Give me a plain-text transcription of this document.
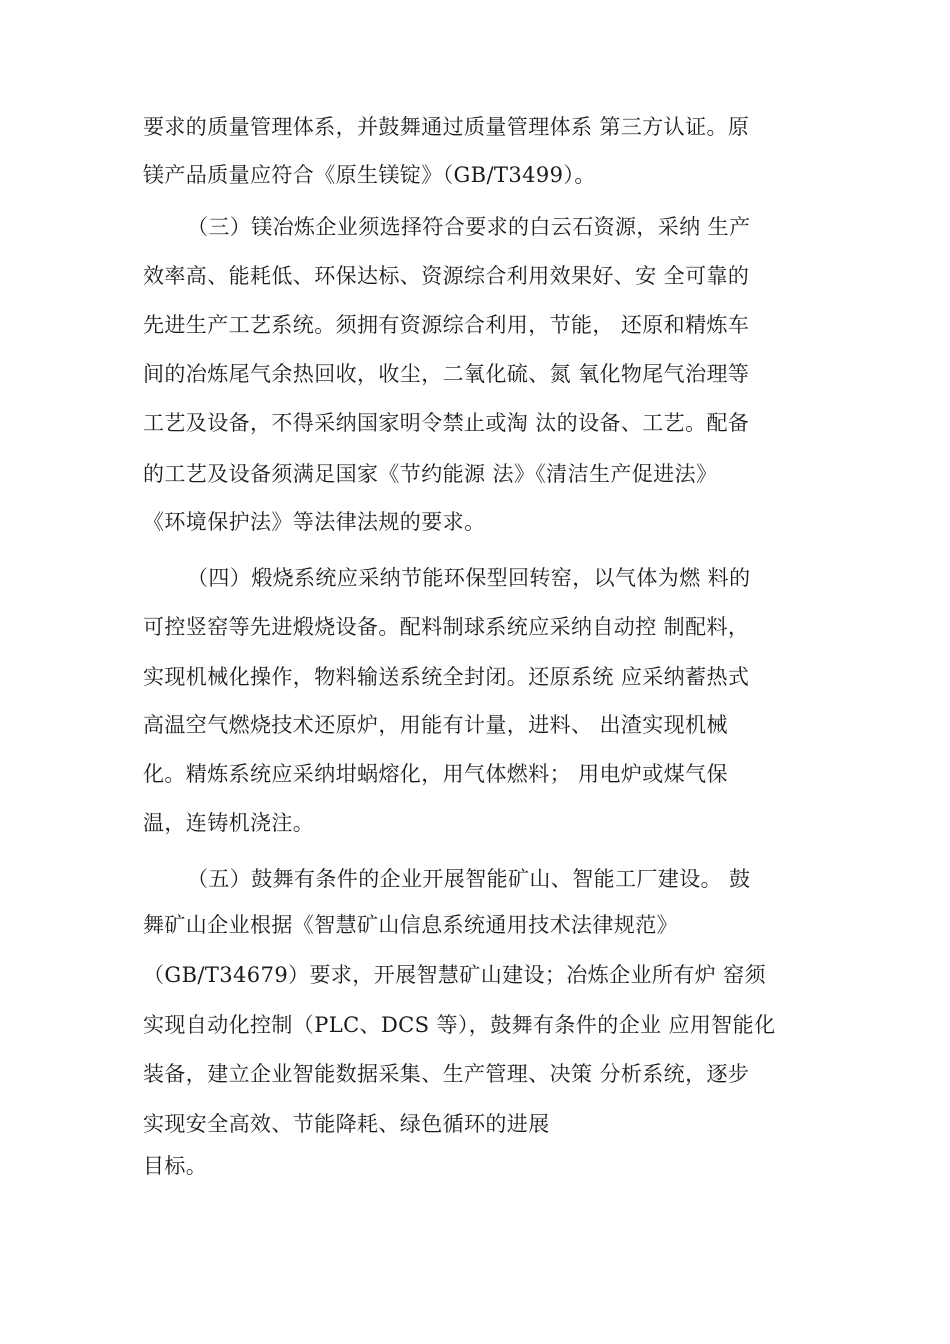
要求的质量管理体系，并鼓舞通过质量管理体系 第三方认证。原
镁产品质量应符合《原生镁锭》（GB/T3499）。
（三）镁冶炼企业须选择符合要求的白云石资源，采纳 生产
效率高、能耗低、环保达标、资源综合利用效果好、安 全可靠的
先进生产工艺系统。须拥有资源综合利用，节能， 还原和精炼车
间的冶炼尾气余热回收，收尘，二氧化硫、氮 氧化物尾气治理等
工艺及设备，不得采纳国家明令禁止或淘 汰的设备、工艺。配备
的工艺及设备须满足国家《节约能源 法》《清洁生产促进法》
《环境保护法》等法律法规的要求。
（四）煅烧系统应采纳节能环保型回转窑，以气体为燃 料的
可控竖窑等先进煅烧设备。配料制球系统应采纳自动控 制配料，
实现机械化操作，物料输送系统全封闭。还原系统 应采纳蓄热式
高温空气燃烧技术还原炉，用能有计量，进料、 出渣实现机械
化。精炼系统应采纳坩蜗熔化，用气体燃料； 用电炉或煤气保
温，连铸机浇注。
（五）鼓舞有条件的企业开展智能矿山、智能工厂建设。 鼓
舞矿山企业根据《智慧矿山信息系统通用技术法律规范》
（GB/T34679）要求，开展智慧矿山建设；冶炼企业所有炉 窑须
实现自动化控制（PLC、DCS 等），鼓舞有条件的企业 应用智能化
装备，建立企业智能数据采集、生产管理、决策 分析系统，逐步
实现安全高效、节能降耗、绿色循环的进展
目标。
